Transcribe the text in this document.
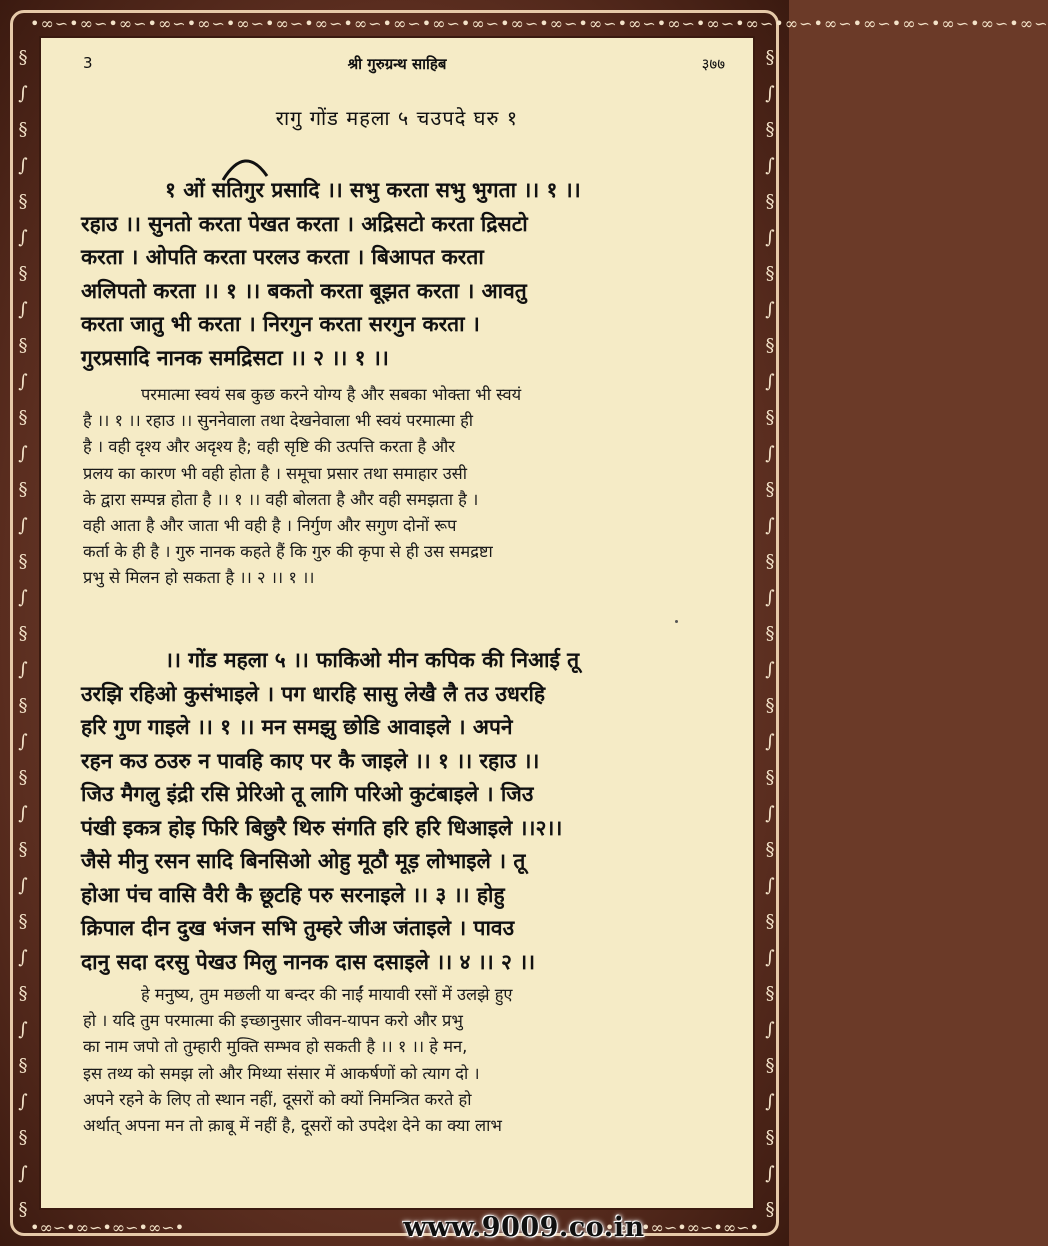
•∞∽•∞∽•∞∽•∞∽•∞∽•∞∽•∞∽•∞∽•∞∽•∞∽•∞∽•∞∽•∞∽•∞∽•∞∽•∞∽•∞∽•∞∽•∞∽•∞∽•∞∽•∞∽•∞∽•∞∽•∞∽•∞∽
§
∫
§
∫
§
∫
§
∫
§
∫
§
∫
§
∫
§
∫
§
∫
§
∫
§
∫
§
∫
§
∫
§
∫
§
∫
§
∫
§
§
∫
§
∫
§
∫
§
∫
§
∫
§
∫
§
∫
§
∫
§
∫
§
∫
§
∫
§
∫
§
∫
§
∫
§
∫
§
∫
§
•∞∽•∞∽•∞∽•∞∽•	•∞∽•∞∽•∞∽•∞∽•
3	श्री गुरुग्रन्थ साहिब	३७७
रागु गोंड महला ५ चउपदे घरु १
१ ओं सतिगुर प्रसादि ।। सभु करता सभु भुगता ।। १ ।।
रहाउ ।। सुनतो करता पेखत करता । अद्रिसटो करता द्रिसटो
करता । ओपति करता परलउ करता । बिआपत करता
अलिपतो करता ।। १ ।। बकतो करता बूझत करता । आवतु
करता जातु भी करता । निरगुन करता सरगुन करता ।
गुरप्रसादि नानक समद्रिसटा ।। २ ।। १ ।।
परमात्मा स्वयं सब कुछ करने योग्य है और सबका भोक्ता भी स्वयं
है ।। १ ।। रहाउ ।। सुननेवाला तथा देखनेवाला भी स्वयं परमात्मा ही
है । वही दृश्य और अदृश्य है; वही सृष्टि की उत्पत्ति करता है और
प्रलय का कारण भी वही होता है । समूचा प्रसार तथा समाहार उसी
के द्वारा सम्पन्न होता है ।। १ ।। वही बोलता है और वही समझता है ।
वही आता है और जाता भी वही है । निर्गुण और सगुण दोनों रूप
कर्ता के ही है । गुरु नानक कहते हैं कि गुरु की कृपा से ही उस समद्रष्टा
प्रभु से मिलन हो सकता है ।। २ ।। १ ।।
।। गोंड महला ५ ।। फाकिओ मीन कपिक की निआई तू
उरझि रहिओ कुसंभाइले । पग धारहि सासु लेखै लै तउ उधरहि
हरि गुण गाइले ।। १ ।। मन समझु छोडि आवाइले । अपने
रहन कउ ठउरु न पावहि काए पर कै जाइले ।। १ ।। रहाउ ।।
जिउ मैगलु इंद्री रसि प्रेरिओ तू लागि परिओ कुटंबाइले । जिउ
पंखी इकत्र होइ फिरि बिछुरै थिरु संगति हरि हरि धिआइले ।।२।।
जैसे मीनु रसन सादि बिनसिओ ओहु मूठौ मूड़ लोभाइले । तू
होआ पंच वासि वैरी कै छूटहि परु सरनाइले ।। ३ ।। होहु
क्रिपाल दीन दुख भंजन सभि तुम्हरे जीअ जंताइले । पावउ
दानु सदा दरसु पेखउ मिलु नानक दास दसाइले ।। ४ ।। २ ।।
हे मनुष्य, तुम मछली या बन्दर की नाईं मायावी रसों में उलझे हुए
हो । यदि तुम परमात्मा की इच्छानुसार जीवन-यापन करो और प्रभु
का नाम जपो तो तुम्हारी मुक्ति सम्भव हो सकती है ।। १ ।। हे मन,
इस तथ्य को समझ लो और मिथ्या संसार में आकर्षणों को त्याग दो ।
अपने रहने के लिए तो स्थान नहीं, दूसरों को क्यों निमन्त्रित करते हो
अर्थात् अपना मन तो क़ाबू में नहीं है, दूसरों को उपदेश देने का क्या लाभ
www.9009.co.in
